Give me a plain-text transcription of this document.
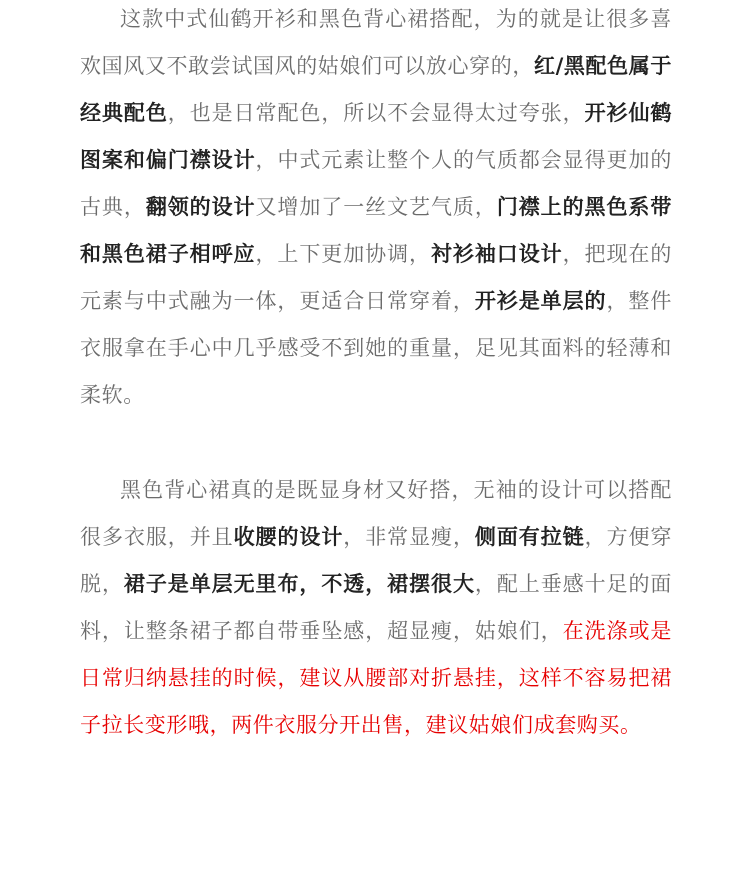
这款中式仙鹤开衫和黑色背心裙搭配，为的就是让很多喜欢国风又不敢尝试国风的姑娘们可以放心穿的，红/黑配色属于经典配色，也是日常配色，所以不会显得太过夸张，开衫仙鹤图案和偏门襟设计，中式元素让整个人的气质都会显得更加的古典，翻领的设计又增加了一丝文艺气质，门襟上的黑色系带和黑色裙子相呼应，上下更加协调，衬衫袖口设计，把现在的元素与中式融为一体，更适合日常穿着，开衫是单层的，整件衣服拿在手心中几乎感受不到她的重量，足见其面料的轻薄和柔软。

黑色背心裙真的是既显身材又好搭，无袖的设计可以搭配很多衣服，并且收腰的设计，非常显瘦，侧面有拉链，方便穿脱，裙子是单层无里布，不透，裙摆很大，配上垂感十足的面料，让整条裙子都自带垂坠感，超显瘦，姑娘们，在洗涤或是日常归纳悬挂的时候，建议从腰部对折悬挂，这样不容易把裙子拉长变形哦，两件衣服分开出售，建议姑娘们成套购买。
